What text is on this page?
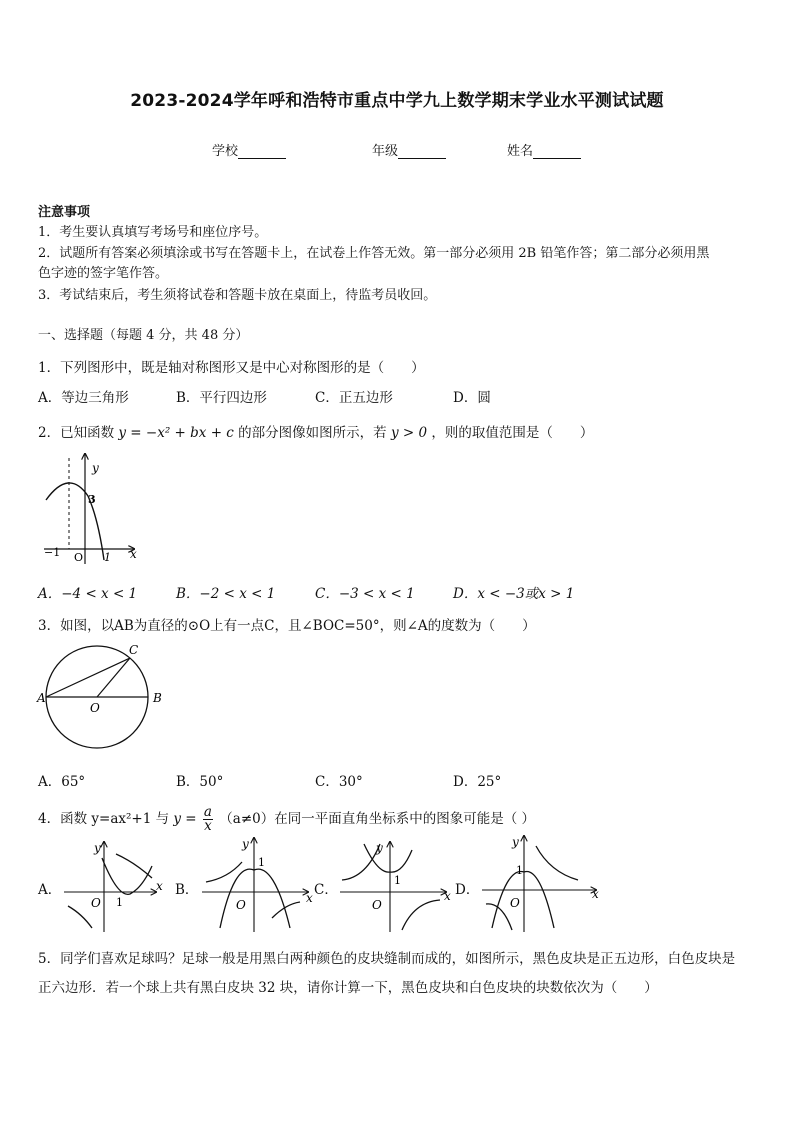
2023-2024学年呼和浩特市重点中学九上数学期末学业水平测试试题
学校	年级	姓名
注意事项
1．考生要认真填写考场号和座位序号。
2．试题所有答案必须填涂或书写在答题卡上，在试卷上作答无效。第一部分必须用 2B 铅笔作答；第二部分必须用黑
色字迹的签字笔作答。
3．考试结束后，考生须将试卷和答题卡放在桌面上，待监考员收回。
一、选择题（每题 4 分，共 48 分）
1．下列图形中，既是轴对称图形又是中心对称图形的是（　　）
A．等边三角形	B．平行四边形	C．正五边形	D．圆
2．已知函数 y = −x² + bx + c 的部分图像如图所示，若 y > 0 ，则的取值范围是（　　）
y
x
3
O
−1	1
A．−4 < x < 1	B．−2 < x < 1	C．−3 < x < 1	D．x < −3或x > 1
3．如图，以AB为直径的⊙O上有一点C，且∠BOC=50°，则∠A的度数为（　　）
A	B
C
O
A．65°	B．50°	C．30°	D．25°
4．函数 y=ax²+1 与 $y = \frac{a}{x} (a\ne 0)$在同一平面直角坐标系中的图象可能是（ ）
A．
y
x
O 1
B．
y
x
O
1
C．
y
x
O
1
D．
y
x
O
1
5．同学们喜欢足球吗？足球一般是用黑白两种颜色的皮块缝制而成的，如图所示，黑色皮块是正五边形，白色皮块是
正六边形．若一个球上共有黑白皮块 32 块，请你计算一下，黑色皮块和白色皮块的块数依次为（　　）
